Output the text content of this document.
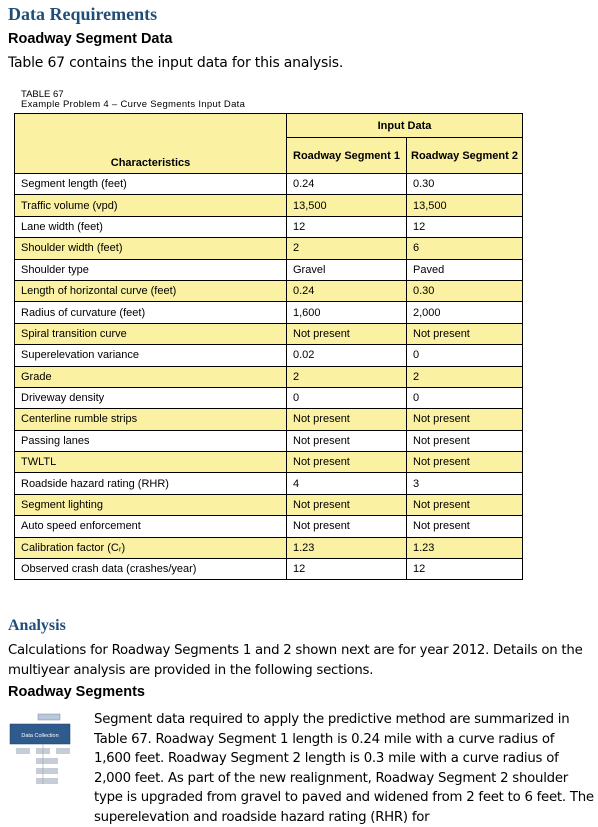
Data Requirements
Roadway Segment Data
Table 67 contains the input data for this analysis.
TABLE 67
Example Problem 4 – Curve Segments Input Data
Characteristics	Input Data	
	Roadway Segment 1	Roadway Segment 2
Segment length (feet)	0.24	0.30
Traffic volume (vpd)	13,500	13,500
Lane width (feet)	12	12
Shoulder width (feet)	2	6
Shoulder type	Gravel	Paved
Length of horizontal curve (feet)	0.24	0.30
Radius of curvature (feet)	1,600	2,000
Spiral transition curve	Not present	Not present
Superelevation variance	0.02	0
Grade	2	2
Driveway density	0	0
Centerline rumble strips	Not present	Not present
Passing lanes	Not present	Not present
TWLTL	Not present	Not present
Roadside hazard rating (RHR)	4	3
Segment lighting	Not present	Not present
Auto speed enforcement	Not present	Not present
Calibration factor (Cᵣ)	1.23	1.23
Observed crash data (crashes/year)	12	12
Analysis
Calculations for Roadway Segments 1 and 2 shown next are for year 2012. Details on the multiyear analysis are provided in the following sections.
Roadway Segments
Data Collection
Segment data required to apply the predictive method are summarized in Table 67. Roadway Segment 1 length is 0.24 mile with a curve radius of 1,600 feet. Roadway Segment 2 length is 0.3 mile with a curve radius of 2,000 feet. As part of the new realignment, Roadway Segment 2 shoulder type is upgraded from gravel to paved and widened from 2 feet to 6 feet. The superelevation and roadside hazard rating (RHR) for
